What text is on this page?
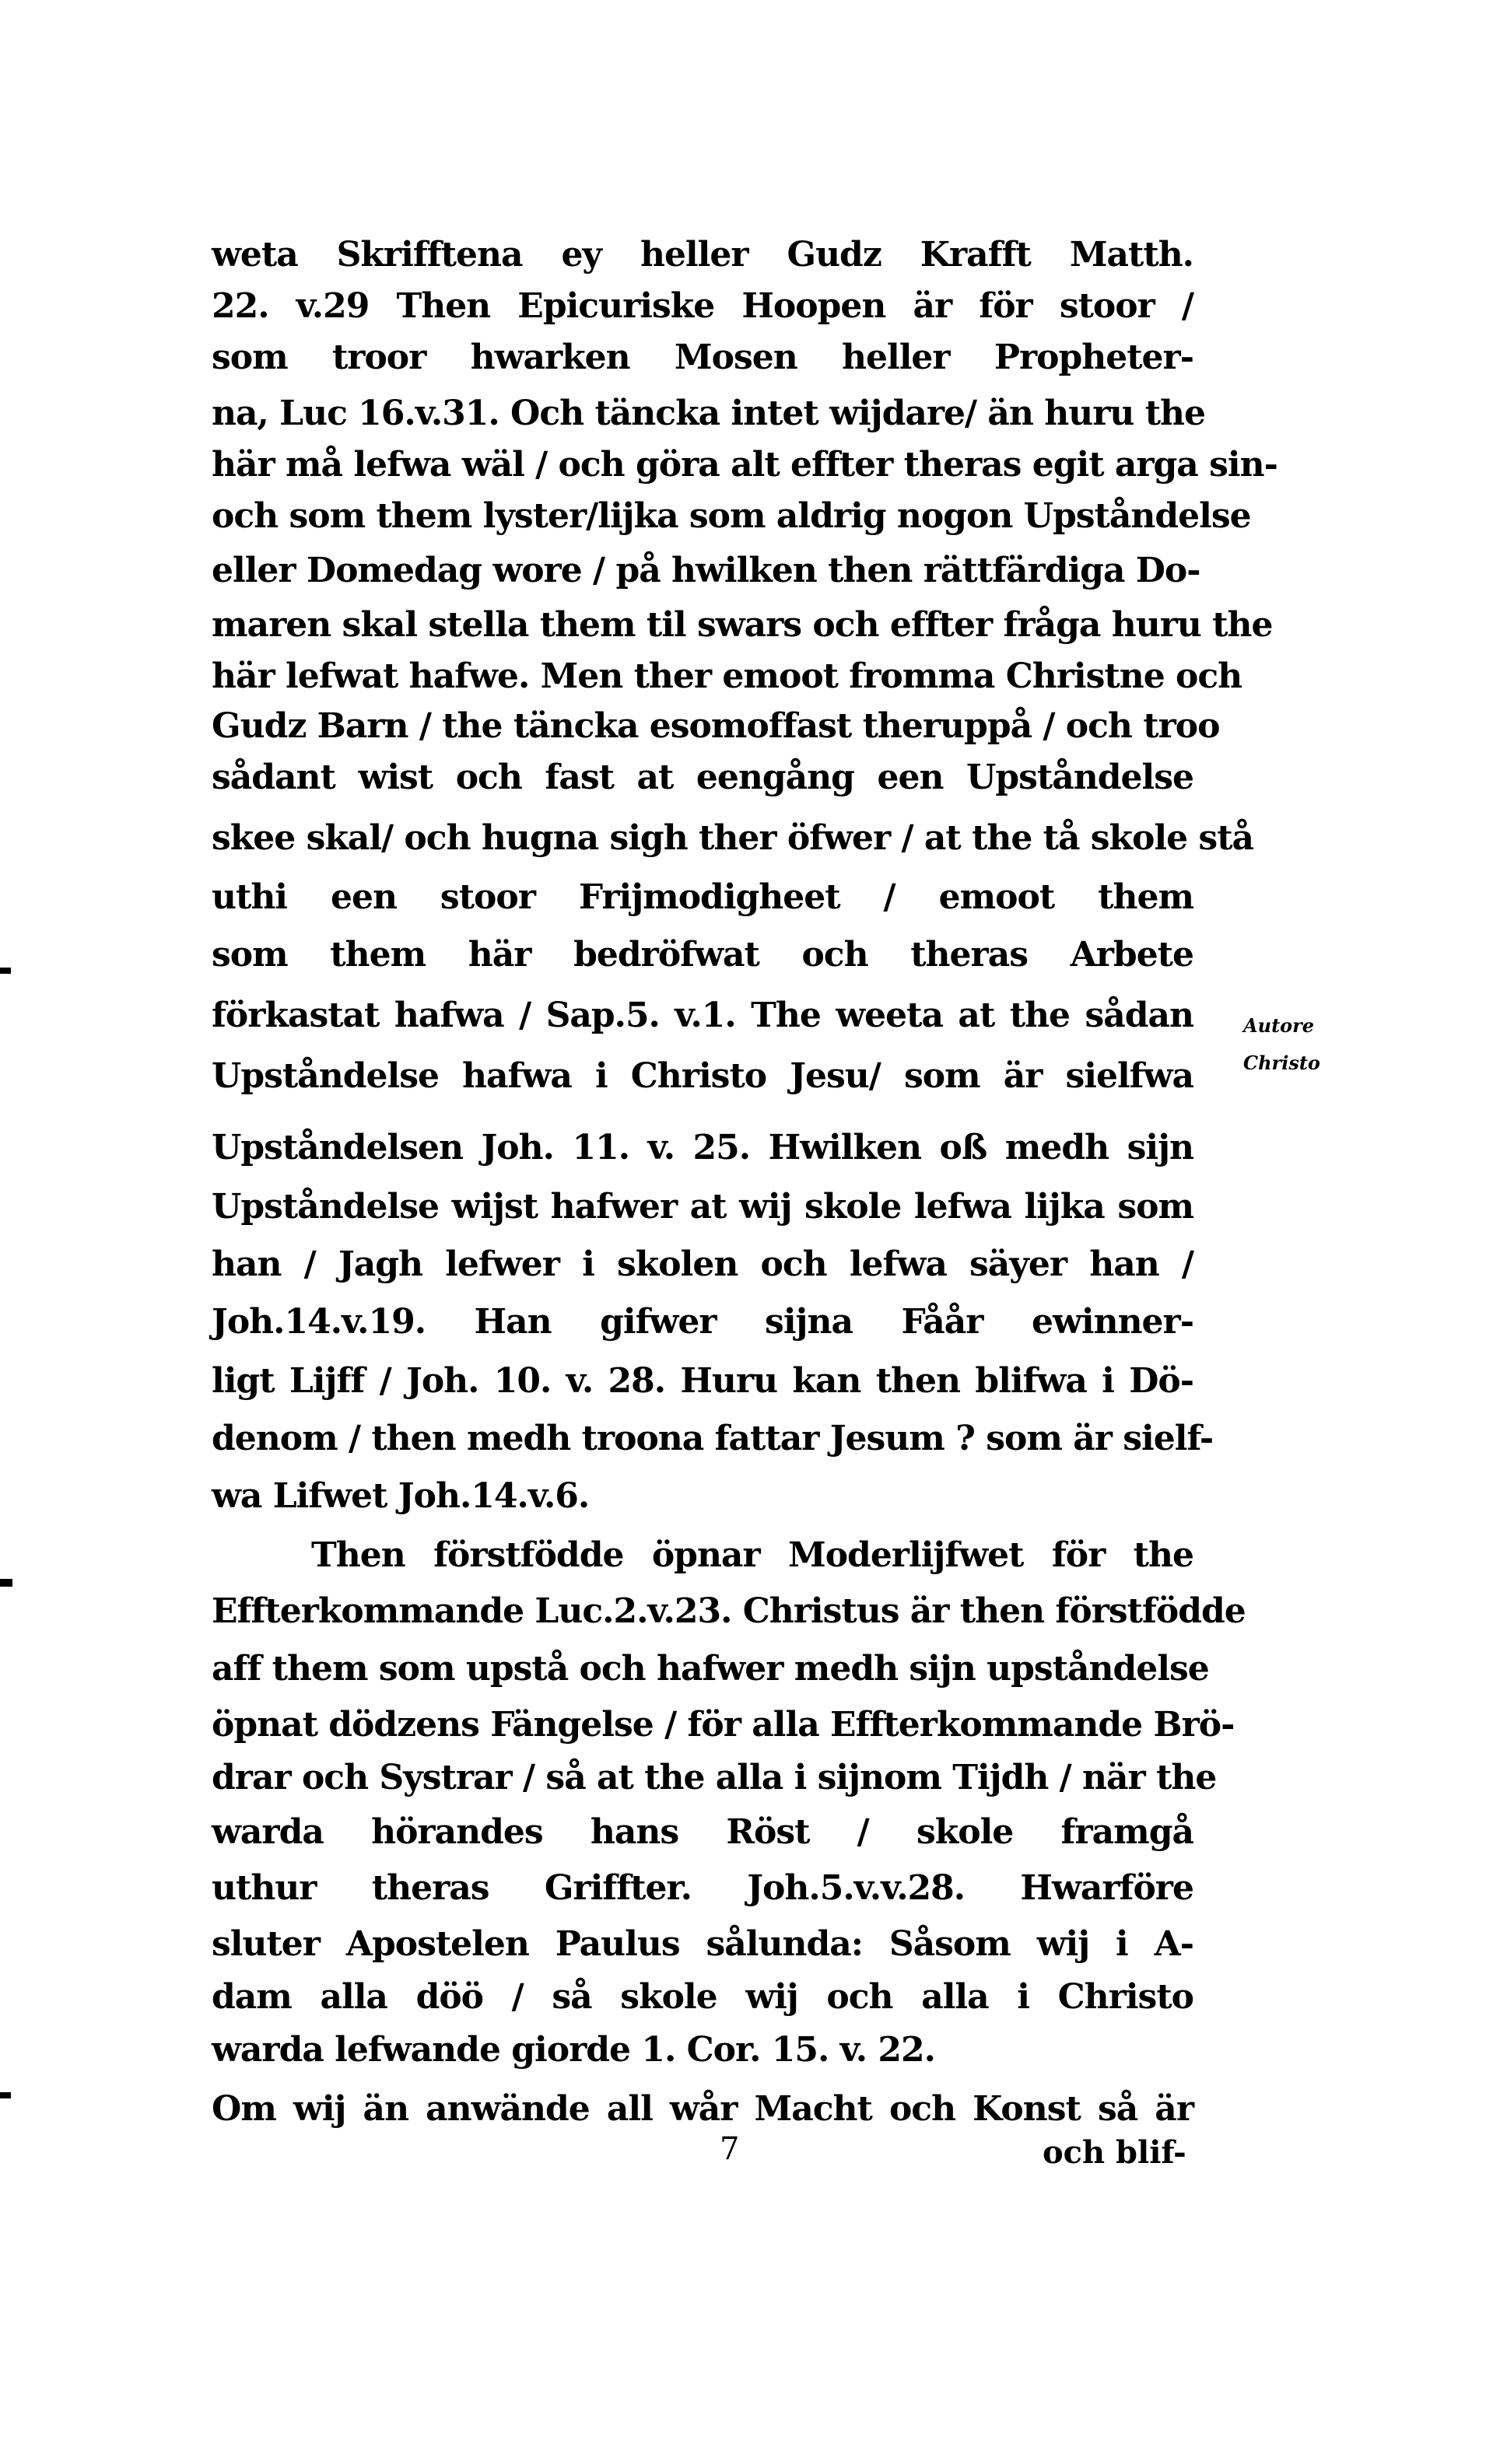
weta Skrifftena ey heller Gudz Krafft Matth.
22. v.29 Then Epicuriske Hoopen är för stoor /
som troor hwarken Mosen heller Propheter-
na, Luc 16.v.31. Och täncka intet wijdare/ än huru the
här må lefwa wäl / och göra alt effter theras egit arga sin-
och som them lyster/lijka som aldrig nogon Upståndelse
eller Domedag wore / på hwilken then rättfärdiga Do-
maren skal stella them til swars och effter fråga huru the
här lefwat hafwe. Men ther emoot fromma Christne och
Gudz Barn / the täncka esomoffast theruppå / och troo
sådant wist och fast at eengång een Upståndelse
skee skal/ och hugna sigh ther öfwer / at the tå skole stå
uthi een stoor Frijmodigheet / emoot them
som them här bedröfwat och theras Arbete
förkastat hafwa / Sap.5. v.1. The weeta at the sådan
Upståndelse hafwa i Christo Jesu/ som är sielfwa
Upståndelsen Joh. 11. v. 25. Hwilken oß medh sijn
Upståndelse wijst hafwer at wij skole lefwa lijka som
han / Jagh lefwer i skolen och lefwa säyer han /
Joh.14.v.19. Han gifwer sijna Fåår ewinner-
ligt Lijff / Joh. 10. v. 28. Huru kan then blifwa i Dö-
denom / then medh troona fattar Jesum ? som är sielf-
wa Lifwet Joh.14.v.6.
Then förstfödde öpnar Moderlijfwet för the
Effterkommande Luc.2.v.23. Christus är then förstfödde
aff them som upstå och hafwer medh sijn upståndelse
öpnat dödzens Fängelse / för alla Effterkommande Brö-
drar och Systrar / så at the alla i sijnom Tijdh / när the
warda hörandes hans Röst / skole framgå
uthur theras Griffter. Joh.5.v.v.28. Hwarföre
sluter Apostelen Paulus sålunda: Såsom wij i A-
dam alla döö / så skole wij och alla i Christo
warda lefwande giorde 1. Cor. 15. v. 22.
Om wij än anwände all wår Macht och Konst så är
Autore
Christo
7	och blif-
